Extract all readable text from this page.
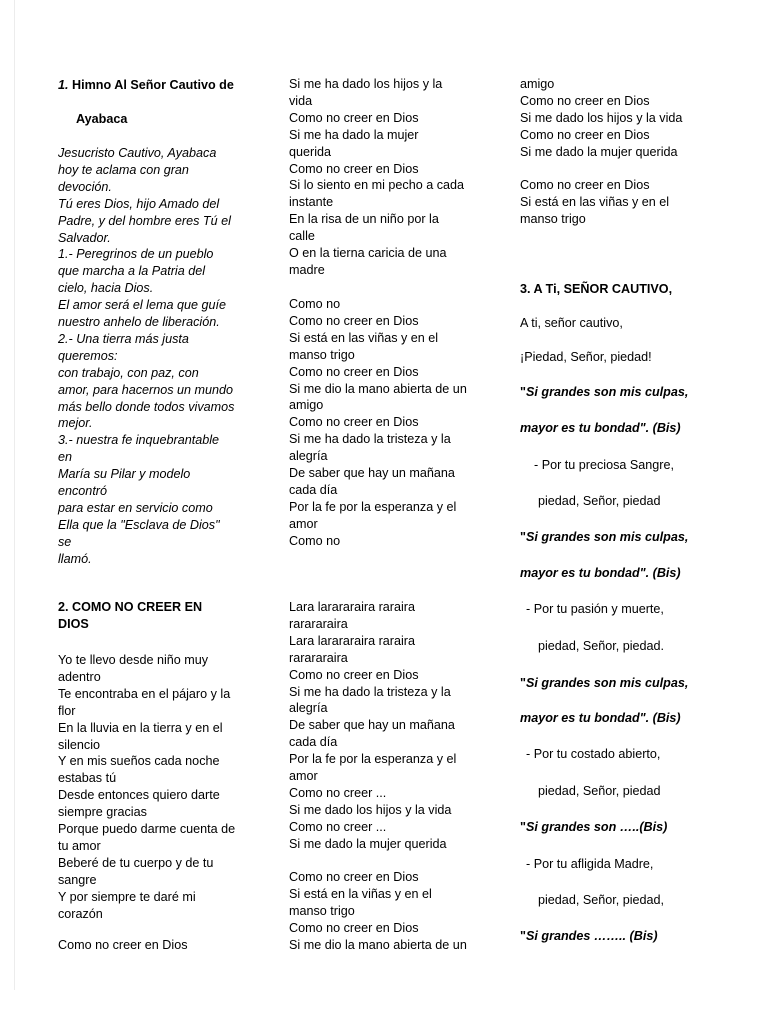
1. Himno Al Señor Cautivo de
Ayabaca
Jesucristo Cautivo, Ayabaca
hoy te aclama con gran
devoción.
Tú eres Dios, hijo Amado del
Padre, y del hombre eres Tú el
Salvador.
1.- Peregrinos de un pueblo
que marcha a la Patria del
cielo, hacia Dios.
El amor será el lema que guíe
nuestro anhelo de liberación.
2.- Una tierra más justa
queremos:
con trabajo, con paz, con
amor, para hacernos un mundo
más bello donde todos vivamos
mejor.
3.- nuestra fe inquebrantable
en
María su Pilar y modelo
encontró
para estar en servicio como
Ella que la "Esclava de Dios"
se
llamó.
2. COMO NO CREER EN
DIOS
Yo te llevo desde niño muy
adentro
Te encontraba en el pájaro y la
flor
En la lluvia en la tierra y en el
silencio
Y en mis sueños cada noche
estabas tú
Desde entonces quiero darte
siempre gracias
Porque puedo darme cuenta de
tu amor
Beberé de tu cuerpo y de tu
sangre
Y por siempre te daré mi
corazón
Como no creer en Dios
Si me ha dado los hijos y la
vida
Como no creer en Dios
Si me ha dado la mujer
querida
Como no creer en Dios
Si lo siento en mi pecho a cada
instante
En la risa de un niño por la
calle
O en la tierna caricia de una
madre
Como no
Como no creer en Dios
Si está en las viñas y en el
manso trigo
Como no creer en Dios
Si me dio la mano abierta de un
amigo
Como no creer en Dios
Si me ha dado la tristeza y la
alegría
De saber que hay un mañana
cada día
Por la fe por la esperanza y el
amor
Como no
Lara larararaira raraira
rarararaira
Lara larararaira raraira
rarararaira
Como no creer en Dios
Si me ha dado la tristeza y la
alegría
De saber que hay un mañana
cada día
Por la fe por la esperanza y el
amor
Como no creer ...
Si me dado los hijos y la vida
Como no creer ...
Si me dado la mujer querida
Como no creer en Dios
Si está en la viñas y en el
manso trigo
Como no creer en Dios
Si me dio la mano abierta de un
amigo
Como no creer en Dios
Si me dado los hijos y la vida
Como no creer en Dios
Si me dado la mujer querida
Como no creer en Dios
Si está en las viñas y en el
manso trigo
3. A Ti, SEÑOR CAUTIVO,
A ti, señor cautivo,
¡Piedad, Señor, piedad!
"Si grandes son mis culpas,
mayor es tu bondad". (Bis)
- Por tu preciosa Sangre,
piedad, Señor, piedad
"Si grandes son mis culpas,
mayor es tu bondad". (Bis)
- Por tu pasión y muerte,
piedad, Señor, piedad.
"Si grandes son mis culpas,
mayor es tu bondad". (Bis)
- Por tu costado abierto,
piedad, Señor, piedad
"Si grandes son …..(Bis)
- Por tu afligida Madre,
piedad, Señor, piedad,
"Si grandes …….. (Bis)
